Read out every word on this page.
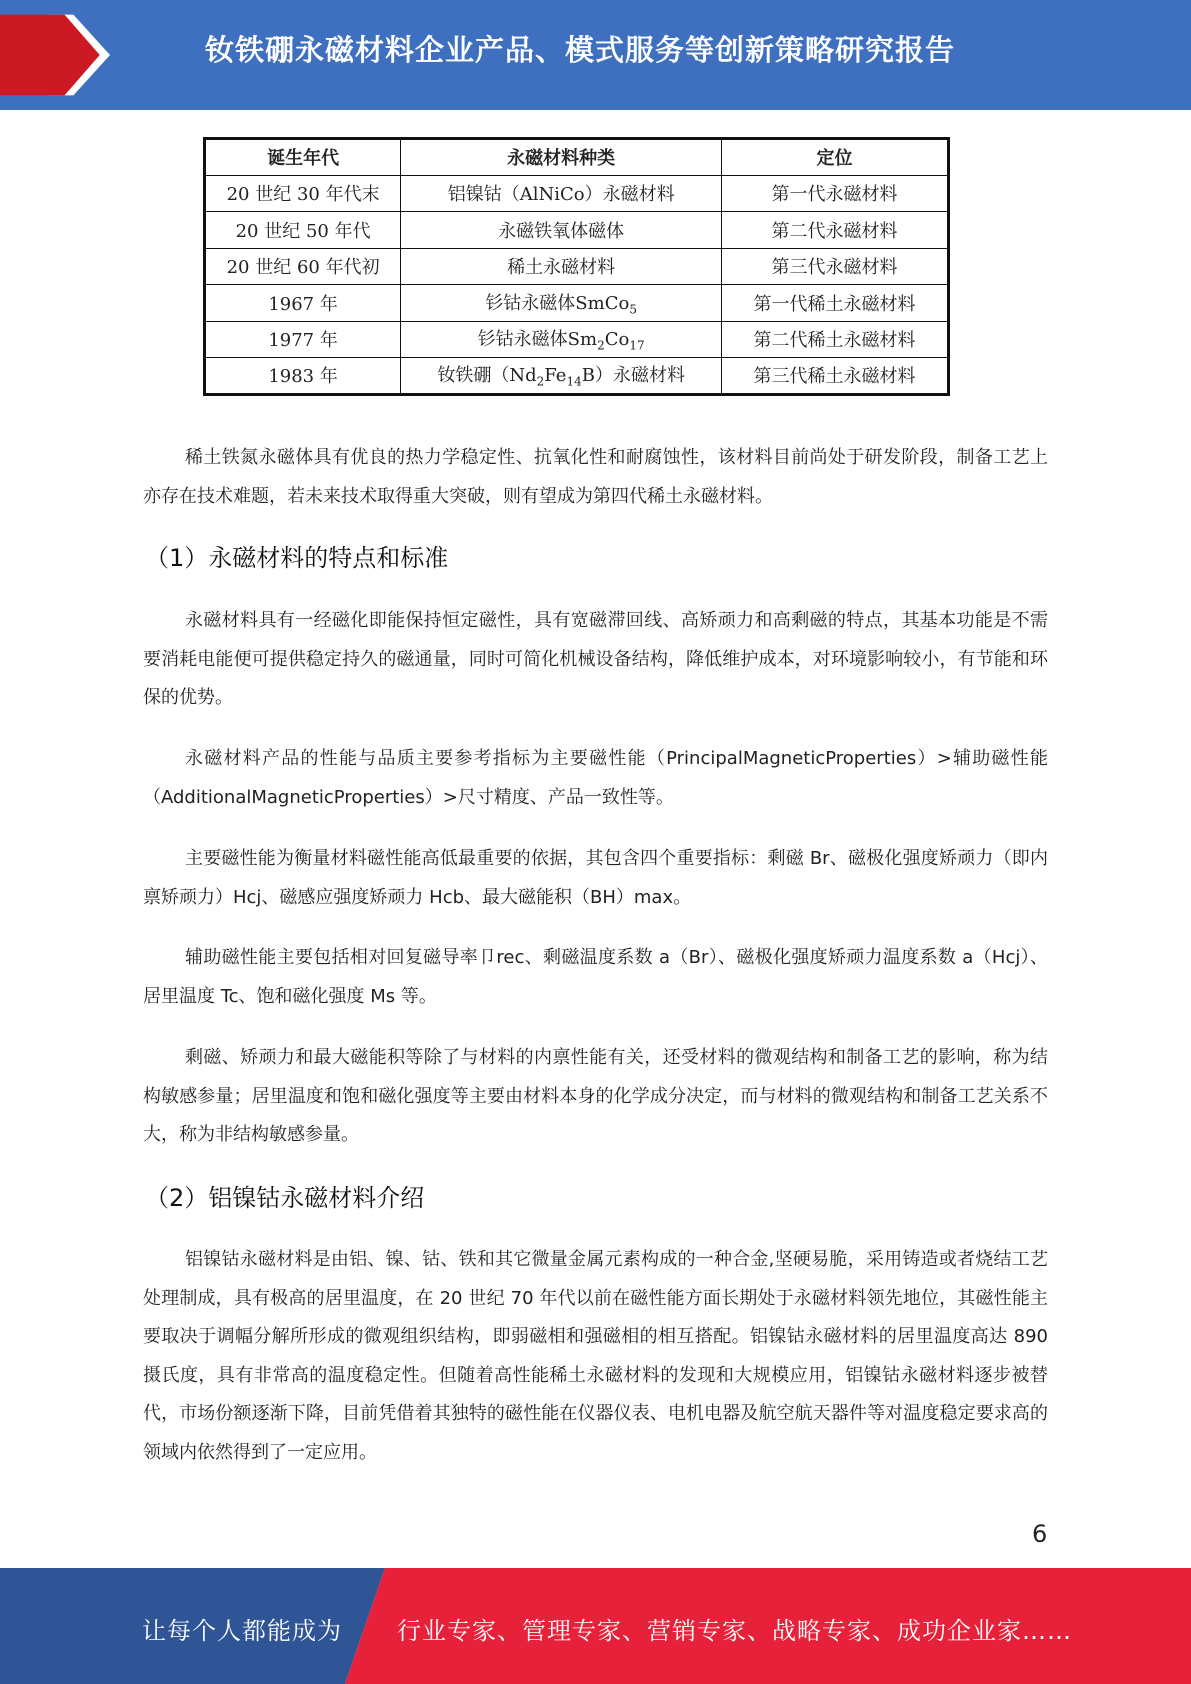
钕铁硼永磁材料企业产品、模式服务等创新策略研究报告
诞生年代	永磁材料种类	定位
20 世纪 30 年代末	铝镍钴（AlNiCo）永磁材料	第一代永磁材料
20 世纪 50 年代	永磁铁氧体磁体	第二代永磁材料
20 世纪 60 年代初	稀土永磁材料	第三代永磁材料
1967 年	钐钴永磁体SmCo$_5$	第一代稀土永磁材料
1977 年	钐钴永磁体$Sm_2Co_{17}$	第二代稀土永磁材料
1983 年	钕铁硼$(Nd_2Fe_{14}B)$永磁材料	第三代稀土永磁材料

稀土铁氮永磁体具有优良的热力学稳定性、抗氧化性和耐腐蚀性，该材料目前尚处于研发阶段，制备工艺上亦存在技术难题，若未来技术取得重大突破，则有望成为第四代稀土永磁材料。

（1）永磁材料的特点和标准

永磁材料具有一经磁化即能保持恒定磁性，具有宽磁滞回线、高矫顽力和高剩磁的特点，其基本功能是不需要消耗电能便可提供稳定持久的磁通量，同时可简化机械设备结构，降低维护成本，对环境影响较小，有节能和环保的优势。

永磁材料产品的性能与品质主要参考指标为主要磁性能（PrincipalMagneticProperties）>辅助磁性能（AdditionalMagneticProperties）>尺寸精度、产品一致性等。

主要磁性能为衡量材料磁性能高低最重要的依据，其包含四个重要指标：剩磁 Br、磁极化强度矫顽力（即内禀矫顽力）Hcj、磁感应强度矫顽力 Hcb、最大磁能积（BH）max。

辅助磁性能主要包括相对回复磁导率卩rec、剩磁温度系数 a（Br）、磁极化强度矫顽力温度系数 a（Hcj）、居里温度 Tc、饱和磁化强度 Ms 等。

剩磁、矫顽力和最大磁能积等除了与材料的内禀性能有关，还受材料的微观结构和制备工艺的影响，称为结构敏感参量；居里温度和饱和磁化强度等主要由材料本身的化学成分决定，而与材料的微观结构和制备工艺关系不大，称为非结构敏感参量。

（2）铝镍钴永磁材料介绍

铝镍钴永磁材料是由铝、镍、钴、铁和其它微量金属元素构成的一种合金,坚硬易脆，采用铸造或者烧结工艺处理制成，具有极高的居里温度，在 20 世纪 70 年代以前在磁性能方面长期处于永磁材料领先地位，其磁性能主要取决于调幅分解所形成的微观组织结构，即弱磁相和强磁相的相互搭配。铝镍钴永磁材料的居里温度高达 890 摄氏度，具有非常高的温度稳定性。但随着高性能稀土永磁材料的发现和大规模应用，铝镍钴永磁材料逐步被替代，市场份额逐渐下降，目前凭借着其独特的磁性能在仪器仪表、电机电器及航空航天器件等对温度稳定要求高的领域内依然得到了一定应用。

6
让每个人都能成为 行业专家、管理专家、营销专家、战略专家、成功企业家……
